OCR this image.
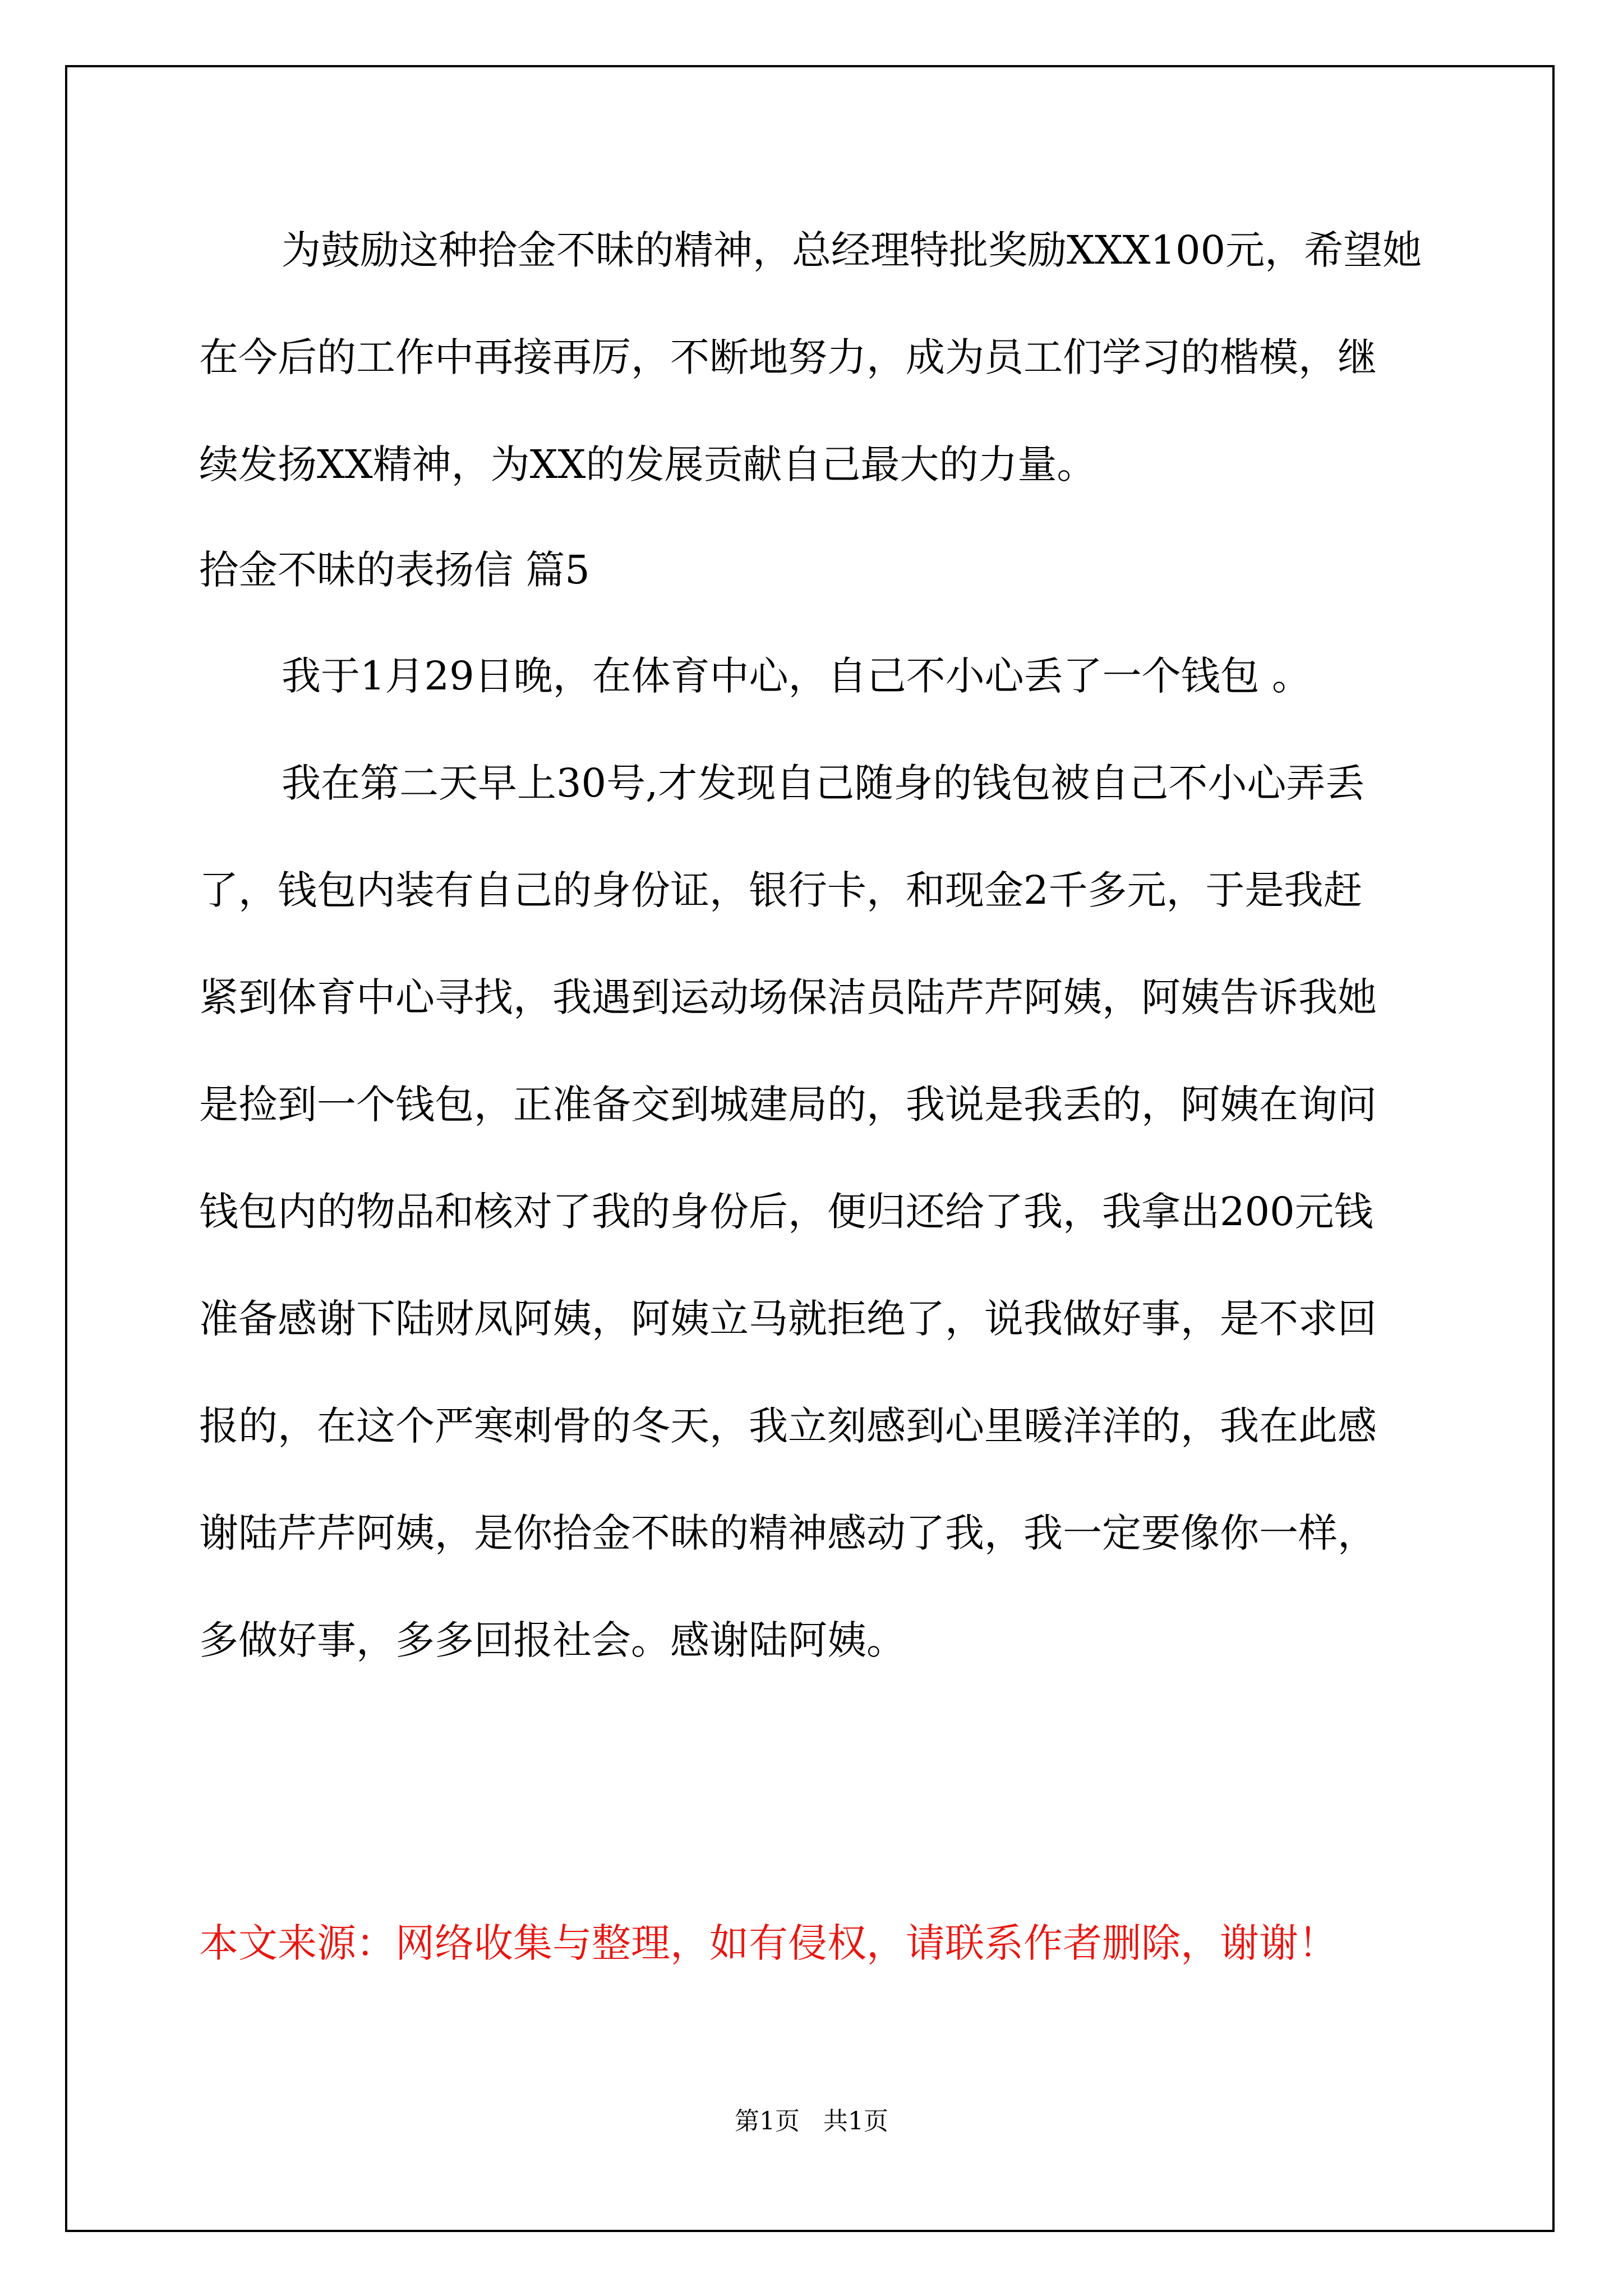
为鼓励这种拾金不昧的精神，总经理特批奖励XXX100元，希望她

在今后的工作中再接再厉，不断地努力，成为员工们学习的楷模，继

续发扬XX精神，为XX的发展贡献自己最大的力量。

拾金不昧的表扬信 篇5

我于1月29日晚，在体育中心，自己不小心丢了一个钱包 。

我在第二天早上30号,才发现自己随身的钱包被自己不小心弄丢

了，钱包内装有自己的身份证，银行卡，和现金2千多元，于是我赶

紧到体育中心寻找，我遇到运动场保洁员陆芹芹阿姨，阿姨告诉我她

是捡到一个钱包，正准备交到城建局的，我说是我丢的，阿姨在询问

钱包内的物品和核对了我的身份后，便归还给了我，我拿出200元钱

准备感谢下陆财凤阿姨，阿姨立马就拒绝了，说我做好事，是不求回

报的，在这个严寒刺骨的冬天，我立刻感到心里暖洋洋的，我在此感

谢陆芹芹阿姨，是你拾金不昧的精神感动了我，我一定要像你一样，

多做好事，多多回报社会。感谢陆阿姨。

本文来源：网络收集与整理，如有侵权，请联系作者删除，谢谢！

第1页   共1页
